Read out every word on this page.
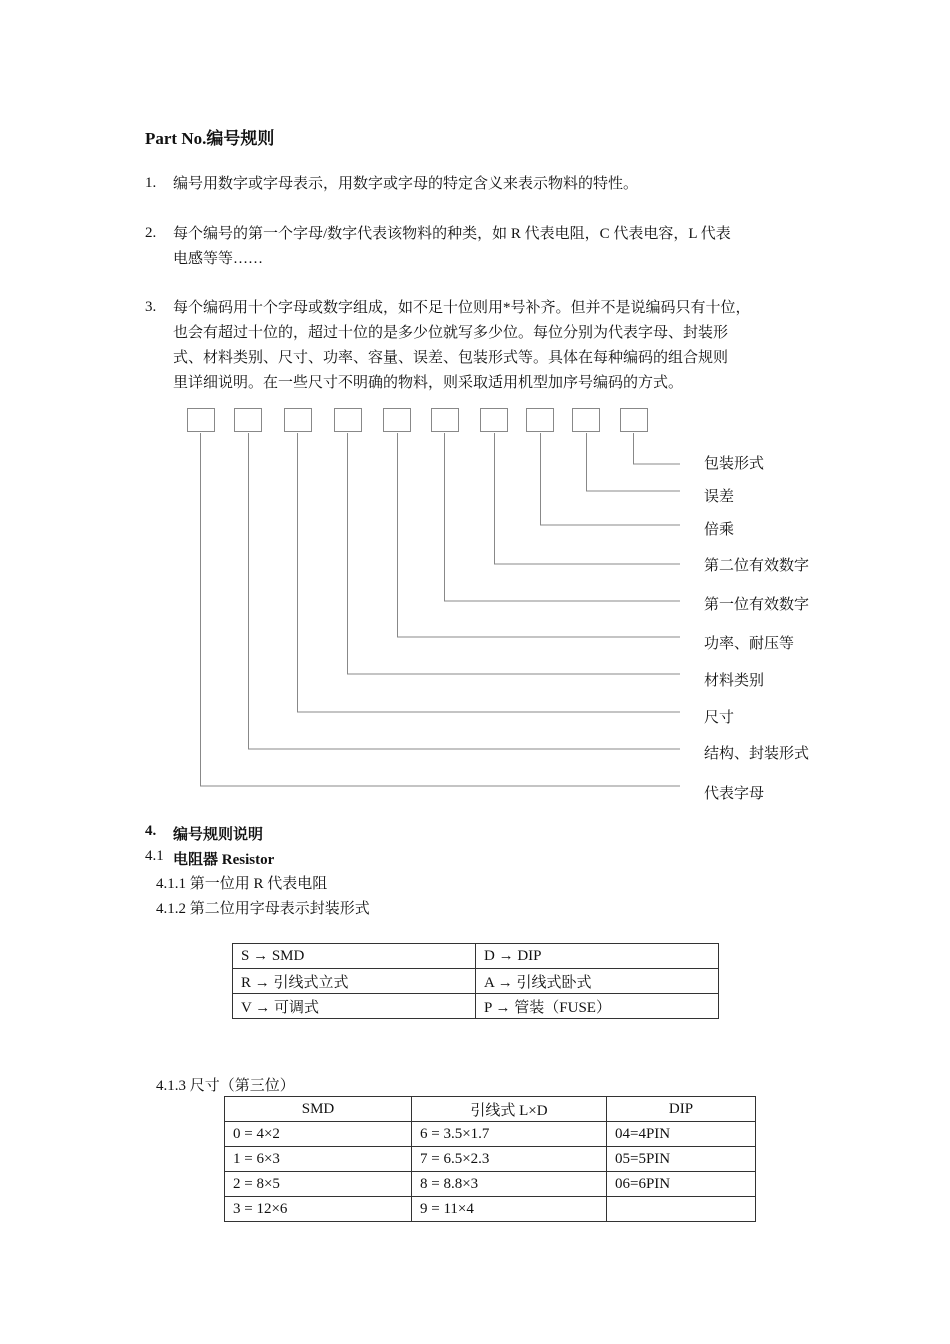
Part No.编号规则
1. 编号用数字或字母表示，用数字或字母的特定含义来表示物料的特性。
2. 每个编号的第一个字母/数字代表该物料的种类，如 R 代表电阻，C 代表电容，L 代表
电感等等……
3. 每个编码用十个字母或数字组成，如不足十位则用*号补齐。但并不是说编码只有十位，
也会有超过十位的，超过十位的是多少位就写多少位。每位分别为代表字母、封装形
式、材料类别、尺寸、功率、容量、误差、包装形式等。具体在每种编码的组合规则
里详细说明。在一些尺寸不明确的物料，则采取适用机型加序号编码的方式。
包装形式
误差
倍乘
第二位有效数字
第一位有效数字
功率、耐压等
材料类别
尺寸
结构、封装形式
代表字母
4. 编号规则说明
4.1 电阻器 Resistor
4.1.1 第一位用 R 代表电阻
4.1.2 第二位用字母表示封装形式
S → SMD	D → DIP
R → 引线式立式	A → 引线式卧式
V → 可调式	P → 管装（FUSE）
4.1.3 尺寸（第三位）
SMD	引线式 L×D	DIP
0 = 4×2	6 = 3.5×1.7	04=4PIN
1 = 6×3	7 = 6.5×2.3	05=5PIN
2 = 8×5	8 = 8.8×3	06=6PIN
3 = 12×6	9 = 11×4	
